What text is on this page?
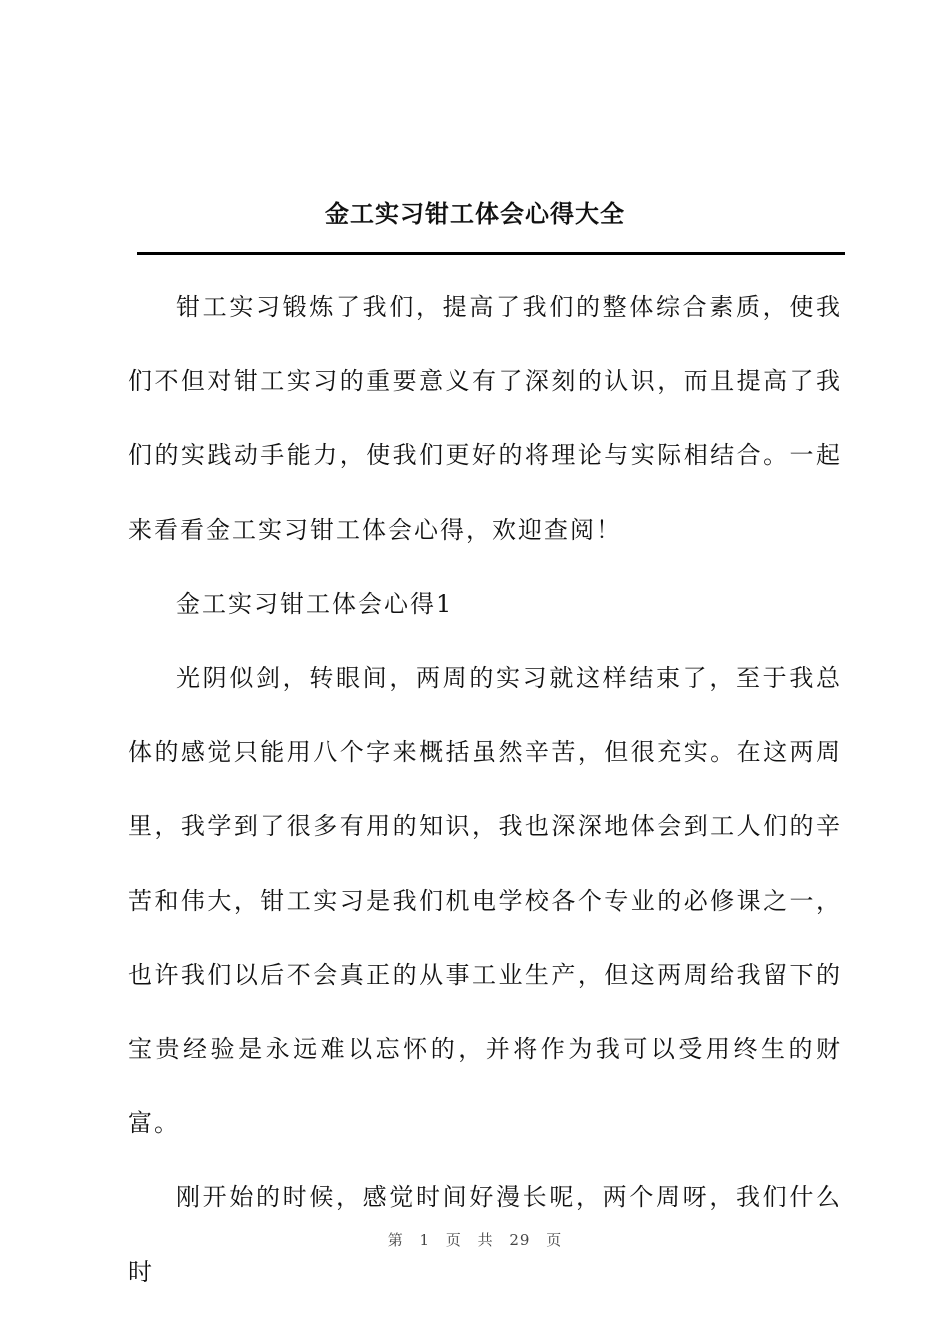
金工实习钳工体会心得大全

钳工实习锻炼了我们，提高了我们的整体综合素质，使我们不但对钳工实习的重要意义有了深刻的认识，而且提高了我们的实践动手能力，使我们更好的将理论与实际相结合。一起来看看金工实习钳工体会心得，欢迎查阅！

金工实习钳工体会心得1

光阴似剑，转眼间，两周的实习就这样结束了，至于我总体的感觉只能用八个字来概括虽然辛苦，但很充实。在这两周里，我学到了很多有用的知识，我也深深地体会到工人们的辛苦和伟大，钳工实习是我们机电学校各个专业的必修课之一，也许我们以后不会真正的从事工业生产，但这两周给我留下的宝贵经验是永远难以忘怀的，并将作为我可以受用终生的财富。

刚开始的时候，感觉时间好漫长呢，两个周呀，我们什么时

第 1 页 共 29 页
